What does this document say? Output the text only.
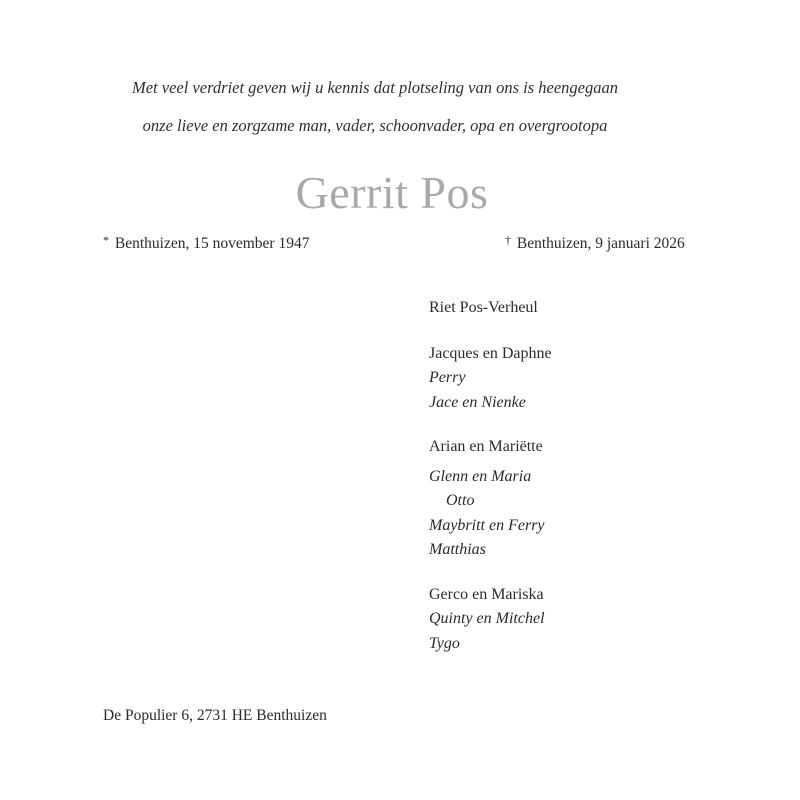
Met veel verdriet geven wij u kennis dat plotseling van ons is heengegaan
onze lieve en zorgzame man, vader, schoonvader, opa en overgrootopa
Gerrit Pos
* Benthuizen, 15 november 1947	† Benthuizen, 9 januari 2026
Riet Pos-Verheul
Jacques en Daphne
Perry
Jace en Nienke
Arian en Mariëtte
Glenn en Maria
Otto
Maybritt en Ferry
Matthias
Gerco en Mariska
Quinty en Mitchel
Tygo
De Populier 6, 2731 HE Benthuizen
